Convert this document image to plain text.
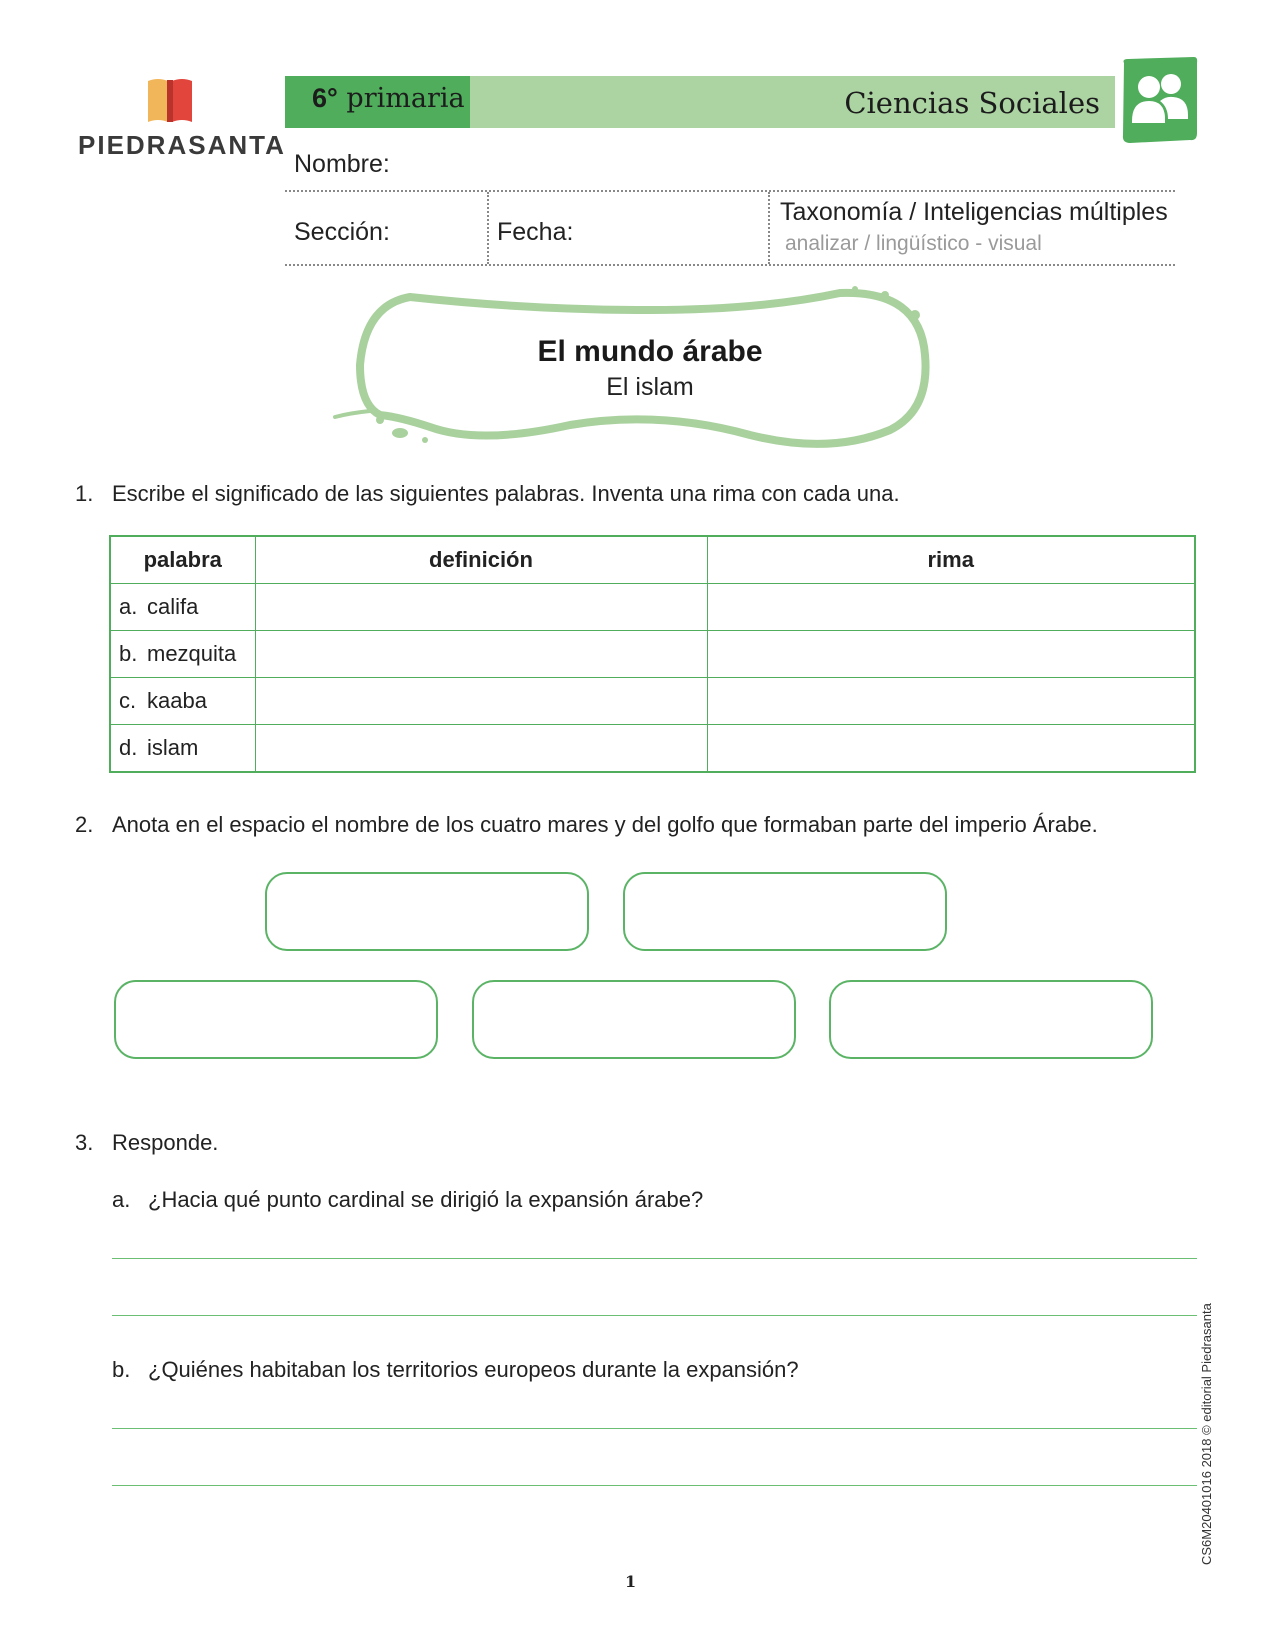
PIEDRASANTA
6° primaria	Ciencias Sociales
Nombre:
Sección:	Fecha:
Taxonomía / Inteligencias múltiples
analizar / lingüístico - visual
El mundo árabe
El islam
1. Escribe el significado de las siguientes palabras. Inventa una rima con cada una.
palabra	definición	rima
a. califa		
b. mezquita		
c. kaaba		
d. islam		
2. Anota en el espacio el nombre de los cuatro mares y del golfo que formaban parte del imperio Árabe.
3. Responde.
a. ¿Hacia qué punto cardinal se dirigió la expansión árabe?
b. ¿Quiénes habitaban los territorios europeos durante la expansión?	CS6M20401016 2018 © editorial Piedrasanta
1
